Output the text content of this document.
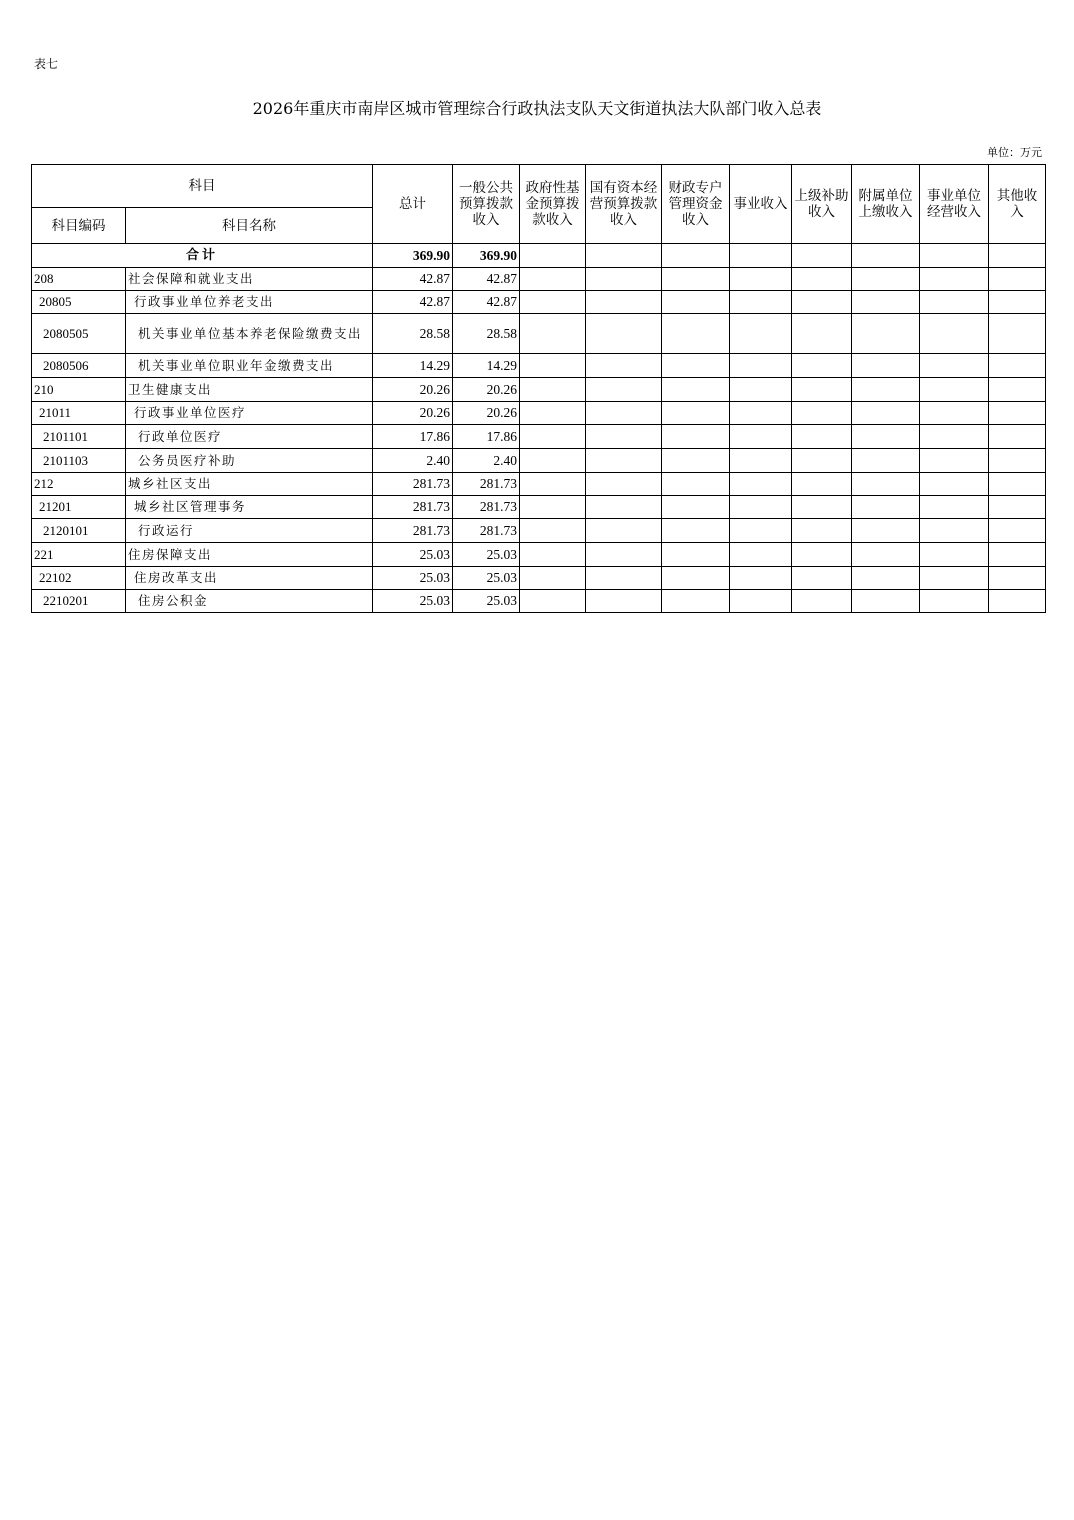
表七
2026年重庆市南岸区城市管理综合行政执法支队天文街道执法大队部门收入总表
单位：万元
科目		总计	一般公共预算拨款收入	政府性基金预算拨款收入	国有资本经营预算拨款收入	财政专户管理资金收入	事业收入	上级补助收入	附属单位上缴收入	事业单位经营收入	其他收入
科目编码	科目名称										
合计		369.90	369.90								
208	社会保障和就业支出	42.87	42.87								
20805	行政事业单位养老支出	42.87	42.87								
2080505	机关事业单位基本养老保险缴费支出	28.58	28.58								
2080506	机关事业单位职业年金缴费支出	14.29	14.29								
210	卫生健康支出	20.26	20.26								
21011	行政事业单位医疗	20.26	20.26								
2101101	行政单位医疗	17.86	17.86								
2101103	公务员医疗补助	2.40	2.40								
212	城乡社区支出	281.73	281.73								
21201	城乡社区管理事务	281.73	281.73								
2120101	行政运行	281.73	281.73								
221	住房保障支出	25.03	25.03								
22102	住房改革支出	25.03	25.03								
2210201	住房公积金	25.03	25.03								
